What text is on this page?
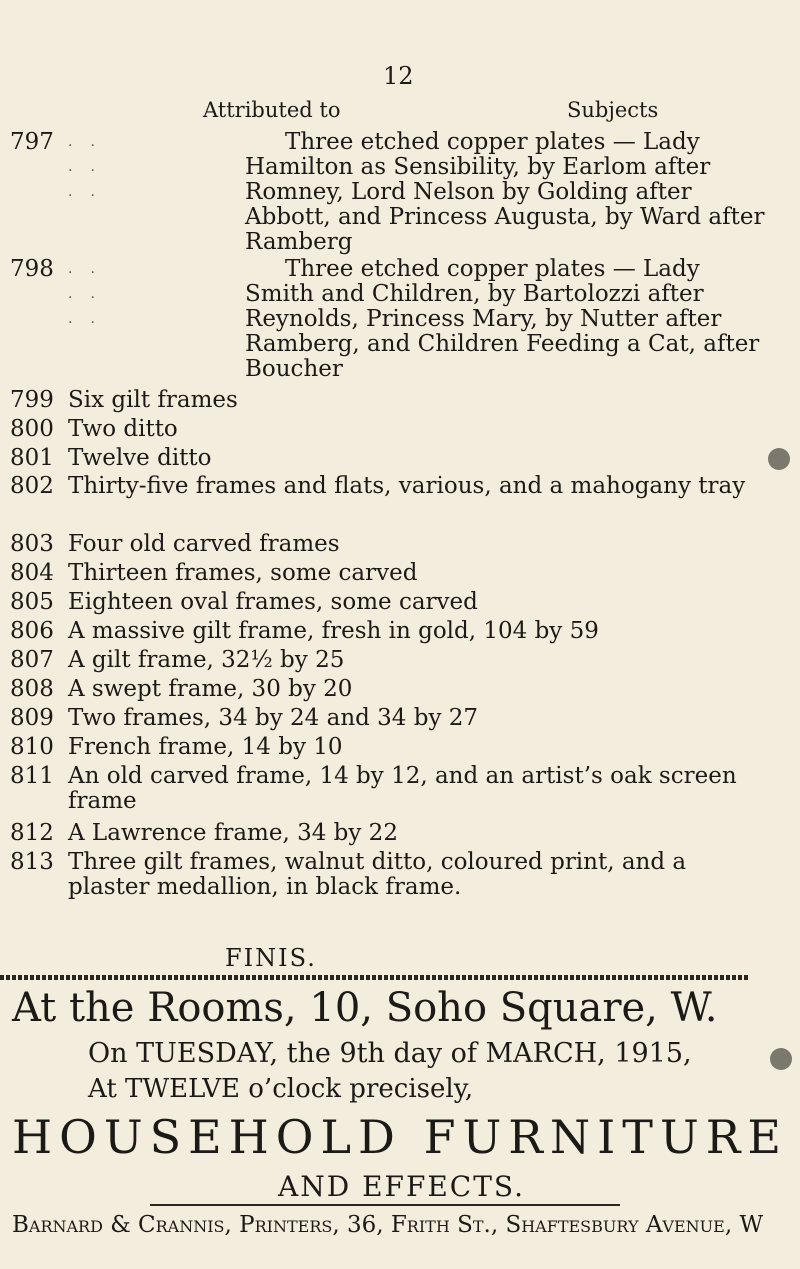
12
Attributed to	Subjects
797	.. .. ..
Three etched copper plates — Lady Hamilton as Sensibility, by Earlom after Romney, Lord Nelson by Golding after Abbott, and Princess Augusta, by Ward after Ramberg
798	.. .. ..
Three etched copper plates — Lady Smith and Children, by Bartolozzi after Reynolds, Princess Mary, by Nutter after Ramberg, and Children Feeding a Cat, after Boucher
799 Six gilt frames
800 Two ditto
801 Twelve ditto
802 Thirty-five frames and flats, various, and a mahogany tray
803 Four old carved frames
804 Thirteen frames, some carved
805 Eighteen oval frames, some carved
806 A massive gilt frame, fresh in gold, 104 by 59
807 A gilt frame, 32½ by 25
808 A swept frame, 30 by 20
809 Two frames, 34 by 24 and 34 by 27
810 French frame, 14 by 10
811 An old carved frame, 14 by 12, and an artist’s oak screen frame
812 A Lawrence frame, 34 by 22
813 Three gilt frames, walnut ditto, coloured print, and a plaster medallion, in black frame.
FINIS.
At the Rooms, 10, Soho Square, W.
On TUESDAY, the 9th day of MARCH, 1915,
At TWELVE o’clock precisely,
HOUSEHOLD FURNITURE
AND EFFECTS.
Barnard & Crannis, Printers, 36, Frith St., Shaftesbury Avenue, W
